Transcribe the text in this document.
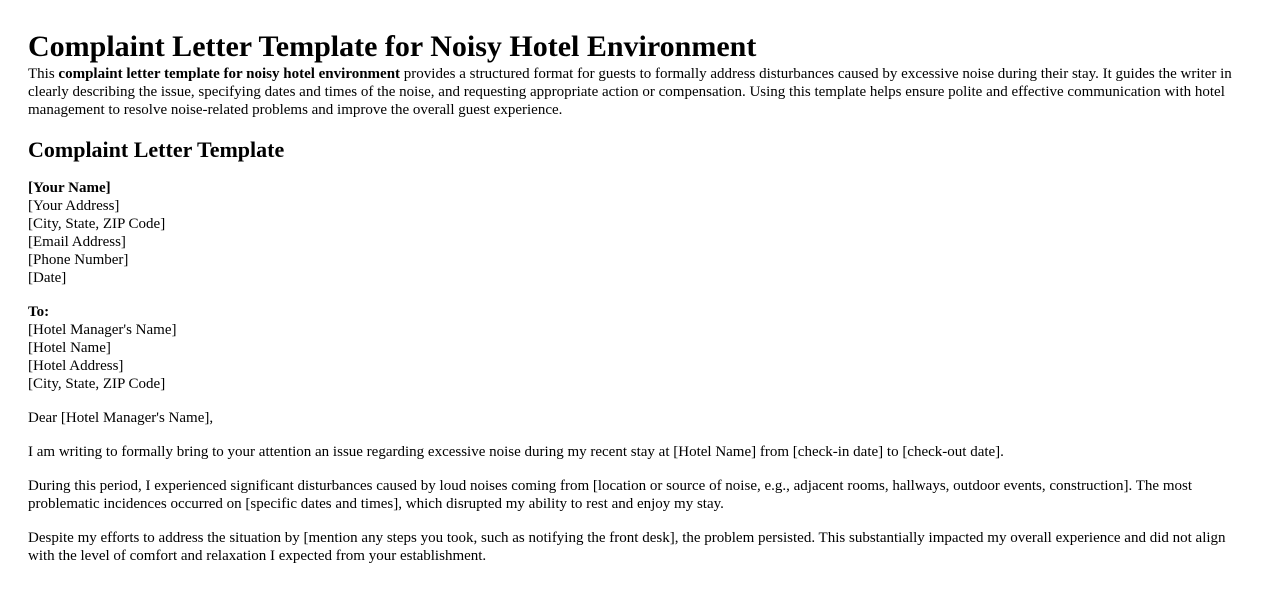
Complaint Letter Template for Noisy Hotel Environment

This complaint letter template for noisy hotel environment provides a structured format for guests to formally address disturbances caused by excessive noise during their stay. It guides the writer in clearly describing the issue, specifying dates and times of the noise, and requesting appropriate action or compensation. Using this template helps ensure polite and effective communication with hotel management to resolve noise-related problems and improve the overall guest experience.

Complaint Letter Template

[Your Name]
[Your Address]
[City, State, ZIP Code]
[Email Address]
[Phone Number]
[Date]

To:
[Hotel Manager's Name]
[Hotel Name]
[Hotel Address]
[City, State, ZIP Code]

Dear [Hotel Manager's Name],

I am writing to formally bring to your attention an issue regarding excessive noise during my recent stay at [Hotel Name] from [check-in date] to [check-out date].

During this period, I experienced significant disturbances caused by loud noises coming from [location or source of noise, e.g., adjacent rooms, hallways, outdoor events, construction]. The most problematic incidences occurred on [specific dates and times], which disrupted my ability to rest and enjoy my stay.

Despite my efforts to address the situation by [mention any steps you took, such as notifying the front desk], the problem persisted. This substantially impacted my overall experience and did not align with the level of comfort and relaxation I expected from your establishment.
